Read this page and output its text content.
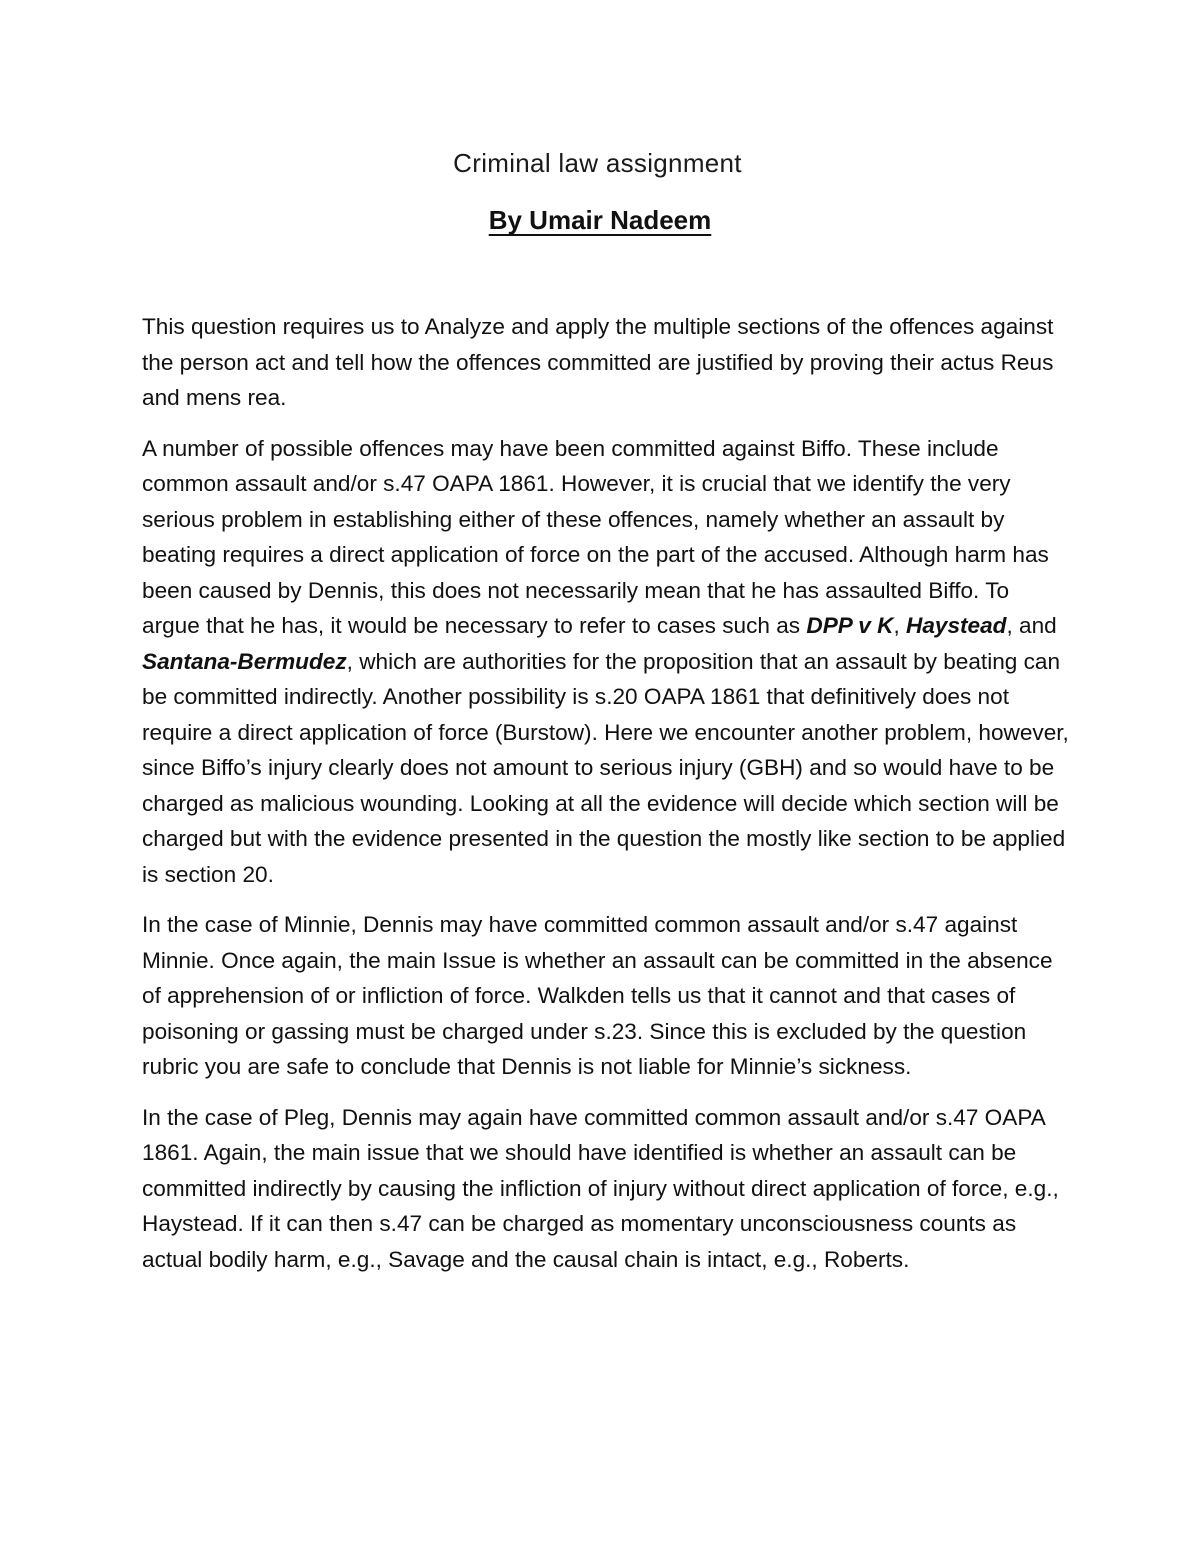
Criminal law assignment
By Umair Nadeem

This question requires us to Analyze and apply the multiple sections of the offences against the person act and tell how the offences committed are justified by proving their actus Reus and mens rea.

A number of possible offences may have been committed against Biffo. These include common assault and/or s.47 OAPA 1861. However, it is crucial that we identify the very serious problem in establishing either of these offences, namely whether an assault by beating requires a direct application of force on the part of the accused. Although harm has been caused by Dennis, this does not necessarily mean that he has assaulted Biffo. To argue that he has, it would be necessary to refer to cases such as DPP v K, Haystead, and Santana-Bermudez, which are authorities for the proposition that an assault by beating can be committed indirectly. Another possibility is s.20 OAPA 1861 that definitively does not require a direct application of force (Burstow). Here we encounter another problem, however, since Biffo’s injury clearly does not amount to serious injury (GBH) and so would have to be charged as malicious wounding. Looking at all the evidence will decide which section will be charged but with the evidence presented in the question the mostly like section to be applied is section 20.

In the case of Minnie, Dennis may have committed common assault and/or s.47 against Minnie. Once again, the main Issue is whether an assault can be committed in the absence of apprehension of or infliction of force. Walkden tells us that it cannot and that cases of poisoning or gassing must be charged under s.23. Since this is excluded by the question rubric you are safe to conclude that Dennis is not liable for Minnie’s sickness.

In the case of Pleg, Dennis may again have committed common assault and/or s.47 OAPA 1861. Again, the main issue that we should have identified is whether an assault can be committed indirectly by causing the infliction of injury without direct application of force, e.g., Haystead. If it can then s.47 can be charged as momentary unconsciousness counts as actual bodily harm, e.g., Savage and the causal chain is intact, e.g., Roberts.
